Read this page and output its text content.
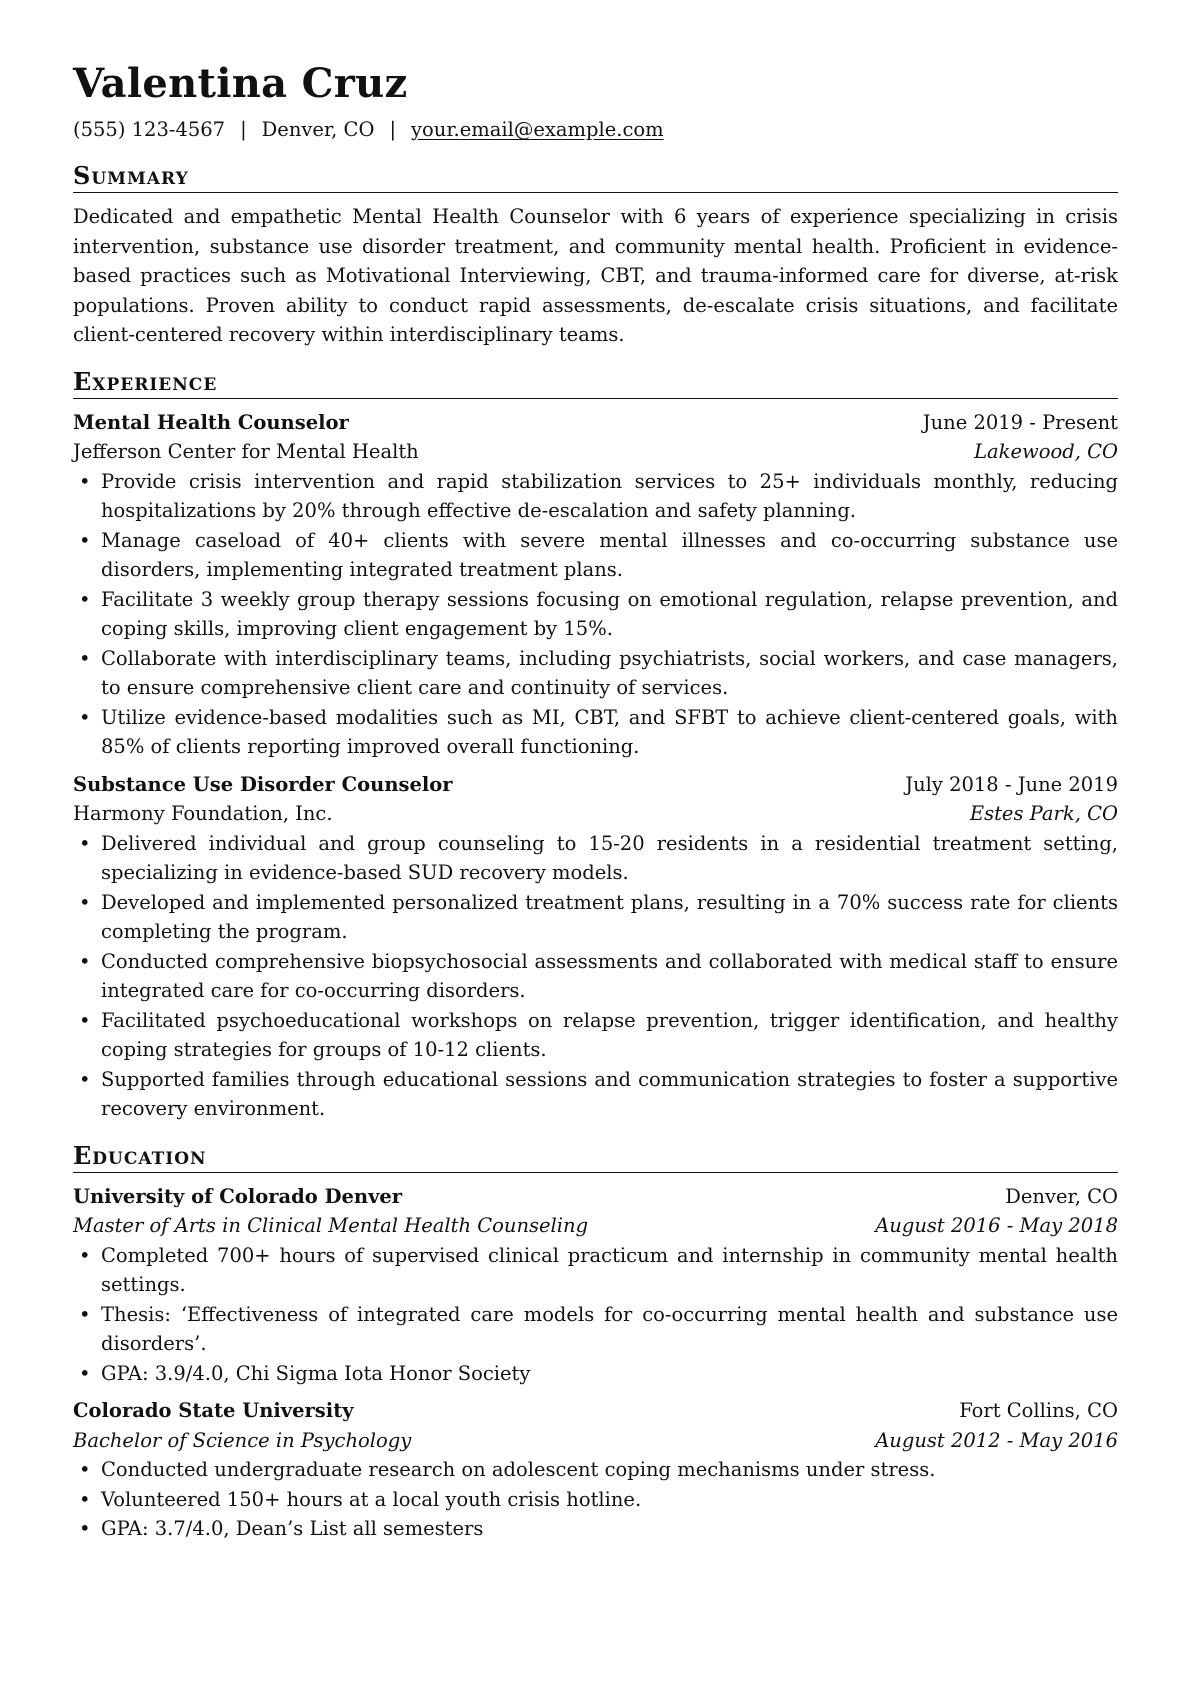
Valentina Cruz
(555) 123-4567 | Denver, CO | your.email@example.com
Summary

Dedicated and empathetic Mental Health Counselor with 6 years of experience specializing in crisis intervention, substance use disorder treatment, and community mental health. Proficient in evidence-based practices such as Motivational Interviewing, CBT, and trauma-informed care for diverse, at-risk populations. Proven ability to conduct rapid assessments, de-escalate crisis situations, and facilitate client-centered recovery within interdisciplinary teams.

Experience
Mental Health Counselor	June 2019 - Present
Jefferson Center for Mental Health	Lakewood, CO
• Provide crisis intervention and rapid stabilization services to 25+ individuals monthly, reducing hospitalizations by 20% through effective de-escalation and safety planning.
• Manage caseload of 40+ clients with severe mental illnesses and co-occurring substance use disorders, implementing integrated treatment plans.
• Facilitate 3 weekly group therapy sessions focusing on emotional regulation, relapse prevention, and coping skills, improving client engagement by 15%.
• Collaborate with interdisciplinary teams, including psychiatrists, social workers, and case managers, to ensure comprehensive client care and continuity of services.
• Utilize evidence-based modalities such as MI, CBT, and SFBT to achieve client-centered goals, with 85% of clients reporting improved overall functioning.
Substance Use Disorder Counselor	July 2018 - June 2019
Harmony Foundation, Inc.	Estes Park, CO
• Delivered individual and group counseling to 15-20 residents in a residential treatment setting, specializing in evidence-based SUD recovery models.
• Developed and implemented personalized treatment plans, resulting in a 70% success rate for clients completing the program.
• Conducted comprehensive biopsychosocial assessments and collaborated with medical staff to ensure integrated care for co-occurring disorders.
• Facilitated psychoeducational workshops on relapse prevention, trigger identification, and healthy coping strategies for groups of 10-12 clients.
• Supported families through educational sessions and communication strategies to foster a supportive recovery environment.
Education
University of Colorado Denver	Denver, CO
Master of Arts in Clinical Mental Health Counseling	August 2016 - May 2018
• Completed 700+ hours of supervised clinical practicum and internship in community mental health settings.
• Thesis: ‘Effectiveness of integrated care models for co-occurring mental health and substance use disorders’.
• GPA: 3.9/4.0, Chi Sigma Iota Honor Society
Colorado State University	Fort Collins, CO
Bachelor of Science in Psychology	August 2012 - May 2016
• Conducted undergraduate research on adolescent coping mechanisms under stress.
• Volunteered 150+ hours at a local youth crisis hotline.
• GPA: 3.7/4.0, Dean’s List all semesters
